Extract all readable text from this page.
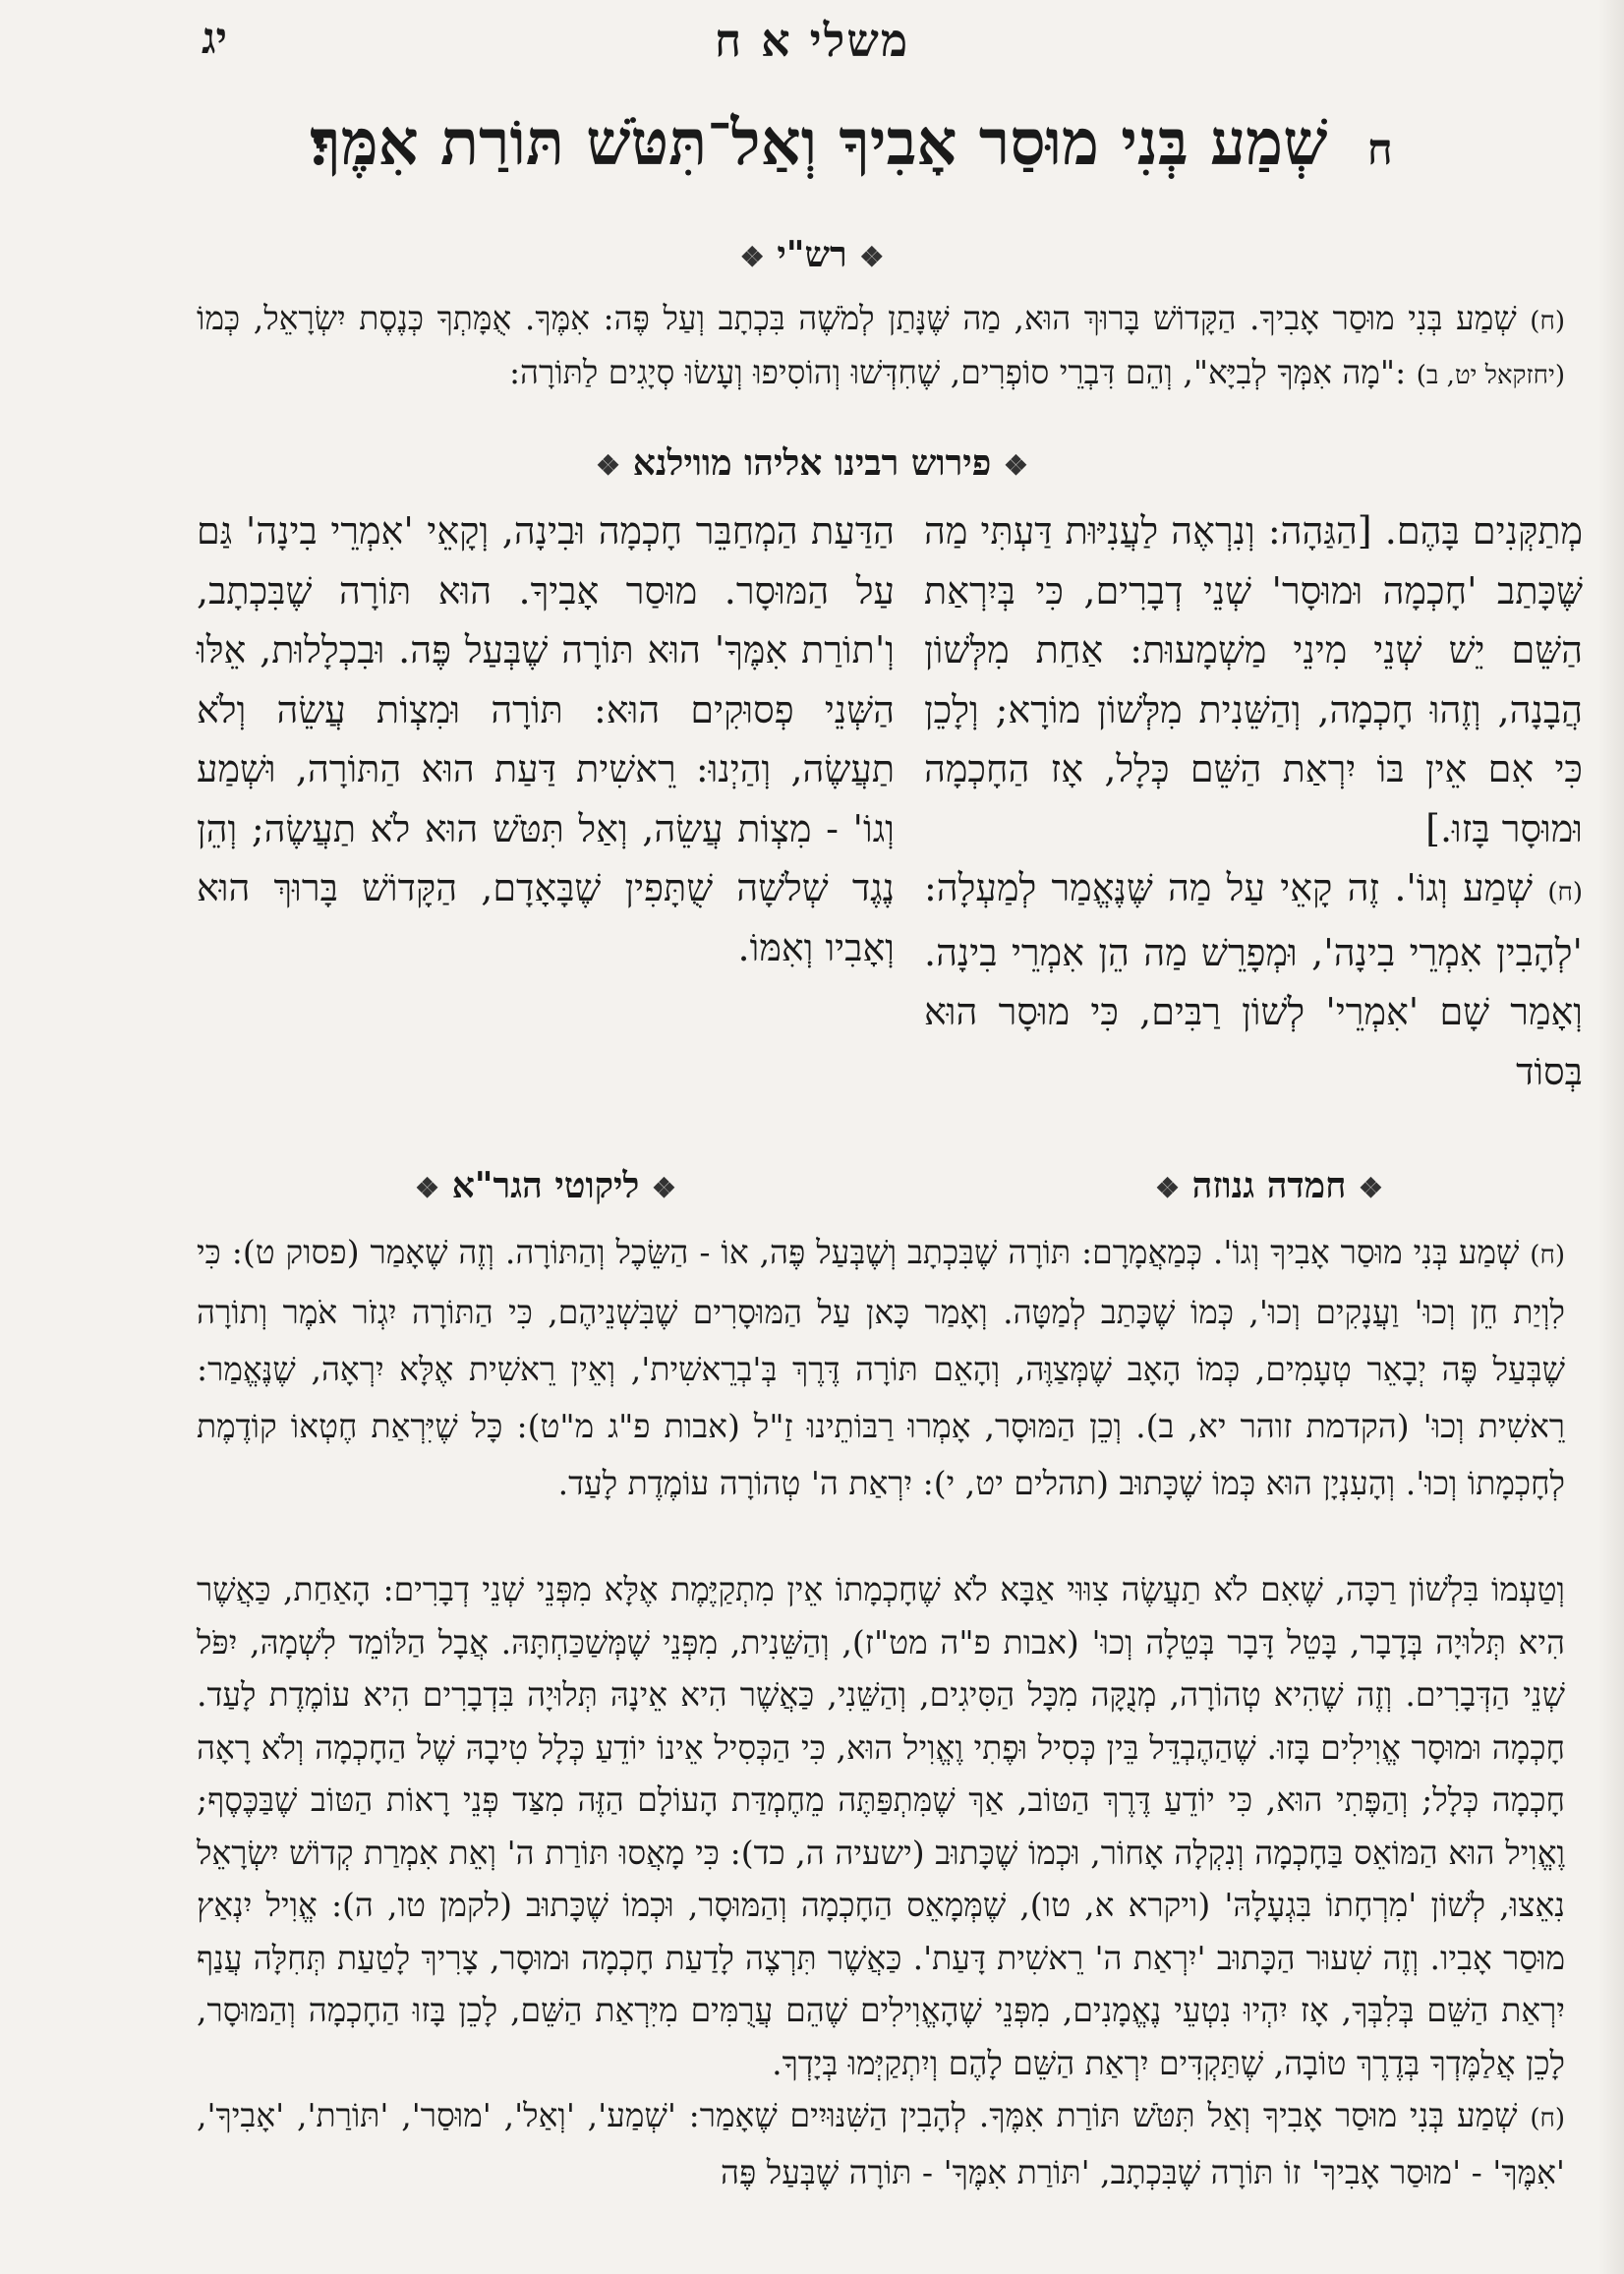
יג	משלי א ח
ח שְׁמַע בְּנִי מוּסַר אָבִיךָ וְאַל־תִּטֹּשׁ תּוֹרַת אִמֶּךָ׃
❖ רש"י ❖
(ח) שְׁמַע בְּנִי מוּסַר אָבִיךָ. הַקָּדוֹשׁ בָּרוּךְ הוּא, מַה שֶּׁנָּתַן לְמֹשֶׁה בִּכְתָב וְעַל פֶּה: אִמֶּךָ. אֻמָּתְךָ כְּנֶסֶת יִשְׂרָאֵל, כְּמוֹ (יחזקאל יט, ב) :"מָה אִמְּךָ לְבִיָּא", וְהֵם דִּבְרֵי סוֹפְרִים, שֶׁחִדְּשׁוּ וְהוֹסִיפוּ וְעָשׂוּ סְיָגִים לַתּוֹרָה:
❖ פירוש רבינו אליהו מווילנא ❖
מְתַקְּנִים בָּהֶם. [הַגַּהָה: וְנִרְאֶה לַעֲנִיּוּת דַּעְתִּי מַה שֶּׁכָּתַב 'חָכְמָה וּמוּסָר' שְׁנֵי דְבָרִים, כִּי בְּיִרְאַת הַשֵּׁם יֵשׁ שְׁנֵי מִינֵי מַשְׁמָעוּת: אַחַת מִלְּשׁוֹן הֲבָנָה, וְזֶהוּ חָכְמָה, וְהַשֵּׁנִית מִלְּשׁוֹן מוֹרָא; וְלָכֵן כִּי אִם אֵין בּוֹ יִרְאַת הַשֵּׁם כְּלָל, אָז הַחָכְמָה וּמוּסָר בָּזוּ.]
(ח) שְׁמַע וְגוֹ'. זֶה קָאֵי עַל מַה שֶּׁנֶּאֱמַר לְמַעְלָה: 'לְהָבִין אִמְרֵי בִינָה', וּמְפָרֵשׁ מַה הֵן אִמְרֵי בִינָה. וְאָמַר שָׁם 'אִמְרֵי' לְשׁוֹן רַבִּים, כִּי מוּסָר הוּא בְּסוֹד
הַדַּעַת הַמְחַבֵּר חָכְמָה וּבִינָה, וְקָאֵי 'אִמְרֵי בִינָה' גַּם עַל הַמּוּסָר. מוּסַר אָבִיךָ. הוּא תּוֹרָה שֶׁבִּכְתָב, וְ'תוֹרַת אִמֶּךָ' הוּא תּוֹרָה שֶׁבְּעַל פֶּה. וּבִכְלָלוּת, אֵלּוּ הַשְּׁנֵי פְסוּקִים הוּא: תּוֹרָה וּמִצְוֹת עֲשֵׂה וְלֹא תַעֲשֶׂה, וְהַיְנוּ: רֵאשִׁית דַּעַת הוּא הַתּוֹרָה, וּשְׁמַע וְגוֹ' - מִצְוֹת עֲשֵׂה, וְאַל תִּטֹּשׁ הוּא לֹא תַעֲשֶׂה; וְהֵן נֶגֶד שְׁלֹשָׁה שֻׁתָּפִין שֶׁבָּאָדָם, הַקָּדוֹשׁ בָּרוּךְ הוּא וְאָבִיו וְאִמּוֹ.
❖ חמדה גנוזה ❖
❖ ליקוטי הגר"א ❖
(ח) שְׁמַע בְּנִי מוּסַר אָבִיךָ וְגוֹ'. כְּמַאֲמָרָם: תּוֹרָה שֶׁבִּכְתָב וְשֶׁבְּעַל פֶּה, אוֹ - הַשֵּׂכֶל וְהַתּוֹרָה. וְזֶה שֶׁאָמַר (פסוק ט): כִּי לִוְיַת חֵן וְכוּ' וַעֲנָקִים וְכוּ', כְּמוֹ שֶׁכָּתַב לְמַטָּה. וְאָמַר כָּאן עַל הַמּוּסָרִים שֶׁבִּשְׁנֵיהֶם, כִּי הַתּוֹרָה יִגְזֹר אֹמֶר וְתוֹרָה שֶׁבְּעַל פֶּה יְבָאֵר טְעָמִים, כְּמוֹ הָאָב שֶׁמְּצַוֶּה, וְהָאֵם תּוֹרָה דֶּרֶךְ בְּ'בְרֵאשִׁית', וְאֵין רֵאשִׁית אֶלָּא יִרְאָה, שֶׁנֶּאֱמַר: רֵאשִׁית וְכוּ' (הקדמת זוהר יא, ב). וְכֵן הַמּוּסָר, אָמְרוּ רַבּוֹתֵינוּ זַ"ל (אבות פ"ג מ"ט): כָּל שֶׁיִּרְאַת חֶטְאוֹ קוֹדֶמֶת לְחָכְמָתוֹ וְכוּ'. וְהָעִנְיָן הוּא כְּמוֹ שֶׁכָּתוּב (תהלים יט, י): יִרְאַת ה' טְהוֹרָה עוֹמֶדֶת לָעַד.
וְטַעְמוֹ בִּלְשׁוֹן רַכָּה, שֶׁאִם לֹא תַעֲשֶׂה צִוּוּי אַבָּא לֹא שֶׁחָכְמָתוֹ אֵין מִתְקַיֶּמֶת אֶלָּא מִפְּנֵי שְׁנֵי דְבָרִים: הָאַחַת, כַּאֲשֶׁר הִיא תְּלוּיָה בְּדָבָר, בָּטֵל דָּבָר בְּטֵלָה וְכוּ' (אבות פ"ה מט"ז), וְהַשֵּׁנִית, מִפְּנֵי שֶׁמְּשַׁכַּחְתָּהּ. אֲבָל הַלּוֹמֵד לִשְׁמָהּ, יִפֹּל שְׁנֵי הַדְּבָרִים. וְזֶה שֶׁהִיא טְהוֹרָה, מְנֻקָּה מִכָּל הַסִּיגִים, וְהַשֵּׁנִי, כַּאֲשֶׁר הִיא אֵינָהּ תְּלוּיָה בִּדְבָרִים הִיא עוֹמֶדֶת לָעַד. חָכְמָה וּמוּסָר אֱוִילִים בָּזוּ. שֶׁהַהֶבְדֵּל בֵּין כְּסִיל וּפֶתִי וֶאֱוִיל הוּא, כִּי הַכְּסִיל אֵינוֹ יוֹדֵעַ כְּלָל טִיבָהּ שֶׁל הַחָכְמָה וְלֹא רָאָה חָכְמָה כְּלָל; וְהַפֶּתִי הוּא, כִּי יוֹדֵעַ דֶּרֶךְ הַטּוֹב, אַךְ שֶׁמִּתְפַּתֶּה מֵחֶמְדַּת הָעוֹלָם הַזֶּה מִצַּד פְּנֵי רָאוֹת הַטּוֹב שֶׁבַּכֶּסֶף; וֶאֱוִיל הוּא הַמּוֹאֵס בַּחָכְמָה וְנִקְלָה אָחוֹר, וּכְמוֹ שֶׁכָּתוּב (ישעיה ה, כד): כִּי מָאֲסוּ תּוֹרַת ה' וְאֵת אִמְרַת קְדוֹשׁ יִשְׂרָאֵל נִאֵצוּ, לְשׁוֹן 'מִרְחָתוֹ בִּגְעָלָהּ' (ויקרא א, טו), שֶׁמְּמָאֵס הַחָכְמָה וְהַמּוּסָר, וּכְמוֹ שֶׁכָּתוּב (לקמן טו, ה): אֱוִיל יִנְאַץ מוּסַר אָבִיו. וְזֶה שִׁעוּר הַכָּתוּב 'יִרְאַת ה' רֵאשִׁית דָּעַת'. כַּאֲשֶׁר תִּרְצֶה לָדַעַת חָכְמָה וּמוּסָר, צָרִיךְ לָטַעַת תְּחִלָּה עֲנַף יִרְאַת הַשֵּׁם בְּלִבְּךָ, אָז יִהְיוּ נִטְעֵי נֶאֱמָנִים, מִפְּנֵי שֶׁהָאֱוִילִים שֶׁהֵם עֲרֻמִּים מִיִּרְאַת הַשֵּׁם, לָכֵן בָּזוּ הַחָכְמָה וְהַמּוּסָר, לָכֵן אֲלַמֶּדְךָ בְּדֶרֶךְ טוֹבָה, שֶׁתַּקְדִּים יִרְאַת הַשֵּׁם לָהֶם וְיִתְקַיְּמוּ בְּיָדְךָ.
(ח) שְׁמַע בְּנִי מוּסַר אָבִיךָ וְאַל תִּטֹּשׁ תּוֹרַת אִמֶּךָ. לְהָבִין הַשִּׁנּוּיִים שֶׁאָמַר: 'שְׁמַע', 'וְאַל', 'מוּסַר', 'תּוֹרַת', 'אָבִיךָ', 'אִמֶּךָ' - 'מוּסַר אָבִיךָ' זוֹ תּוֹרָה שֶׁבִּכְתָב, 'תּוֹרַת אִמֶּךָ' - תּוֹרָה שֶׁבְּעַל פֶּה
